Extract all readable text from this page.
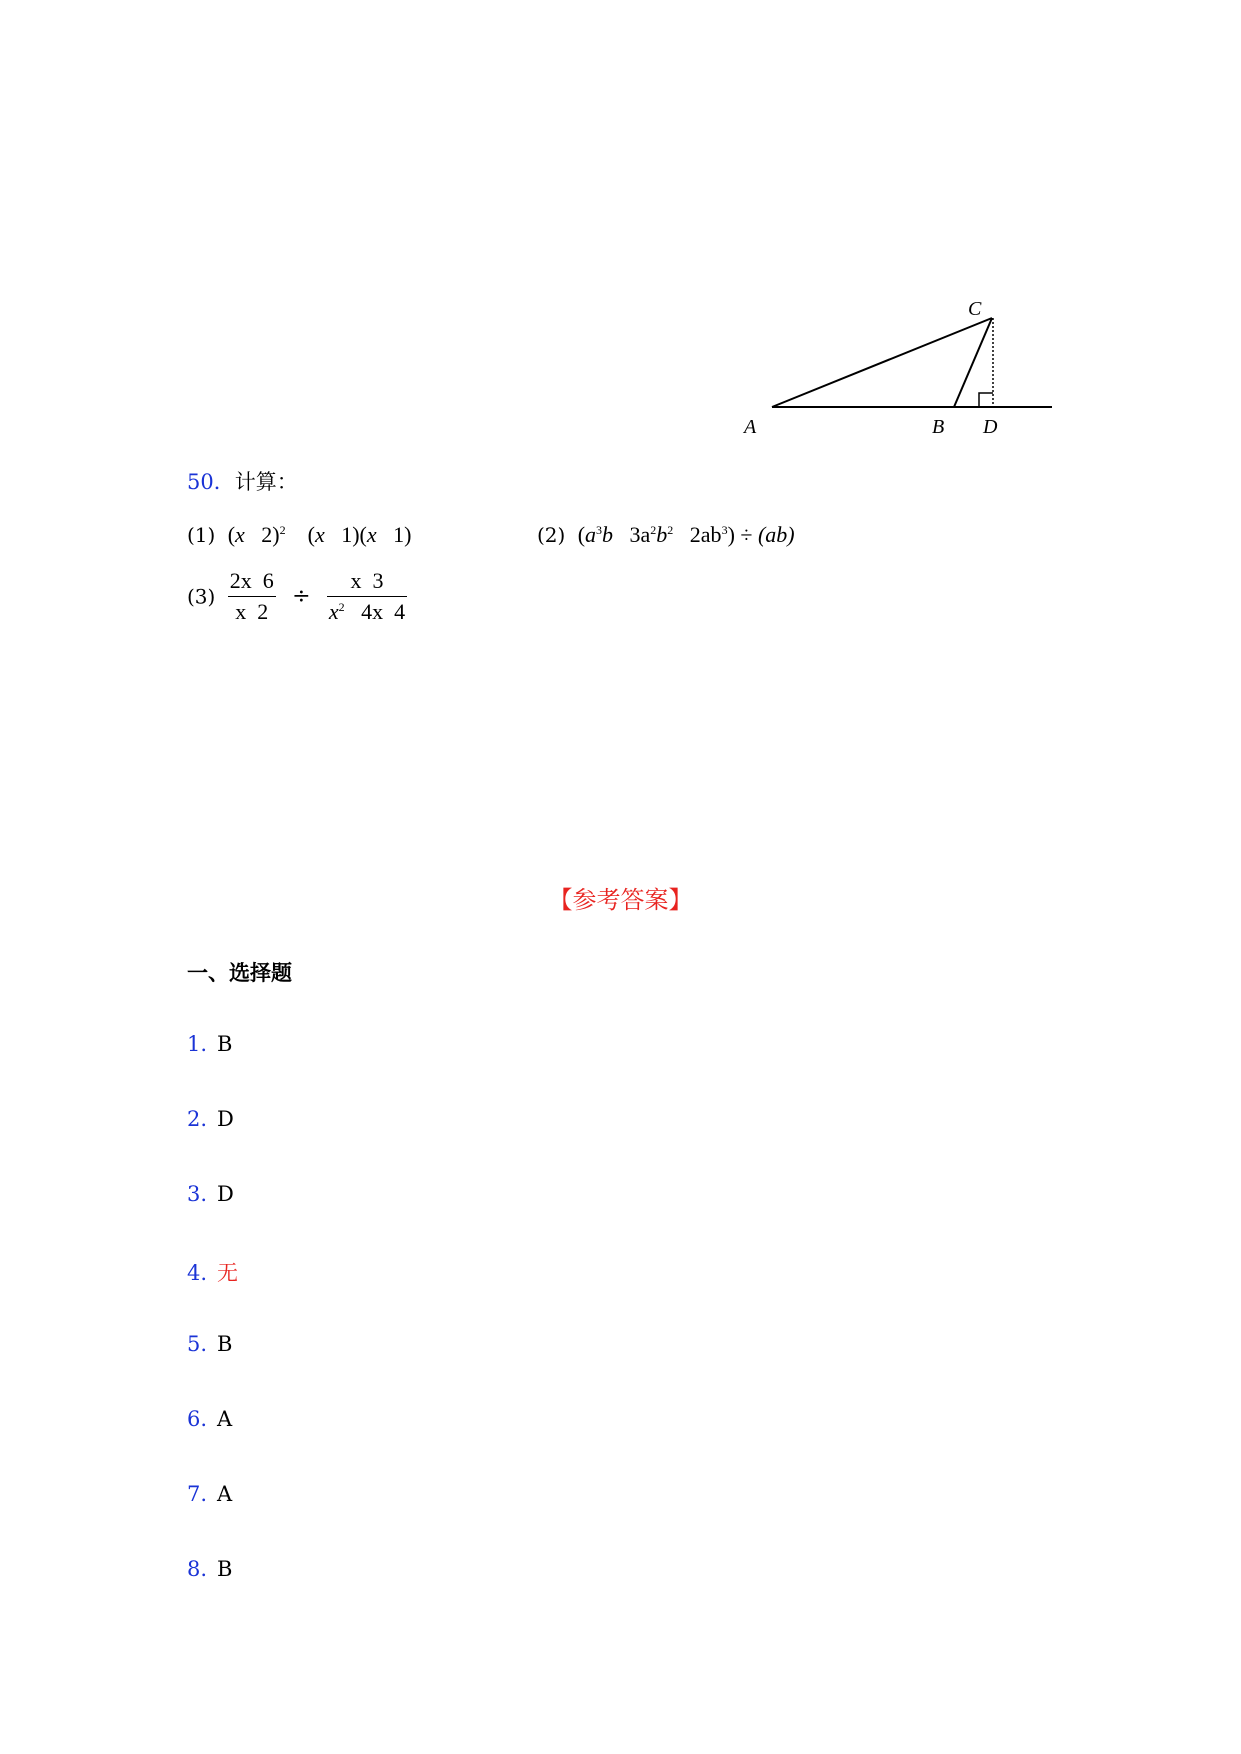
A	B
C
D
50．计算：
(1) (x 2)$^2$    (x 1)(x 1)	(2) ($a^3b$ $3a^2b^2$ $2ab^3) \div (ab)$
$(3) \frac{2x 6}{x 2} \div \frac{x 3}{x^2 4x 4}$
【参考答案】
一、选择题
1. B
2. D
3. D
4. 无
5. B
6. A
7. A
8. B
